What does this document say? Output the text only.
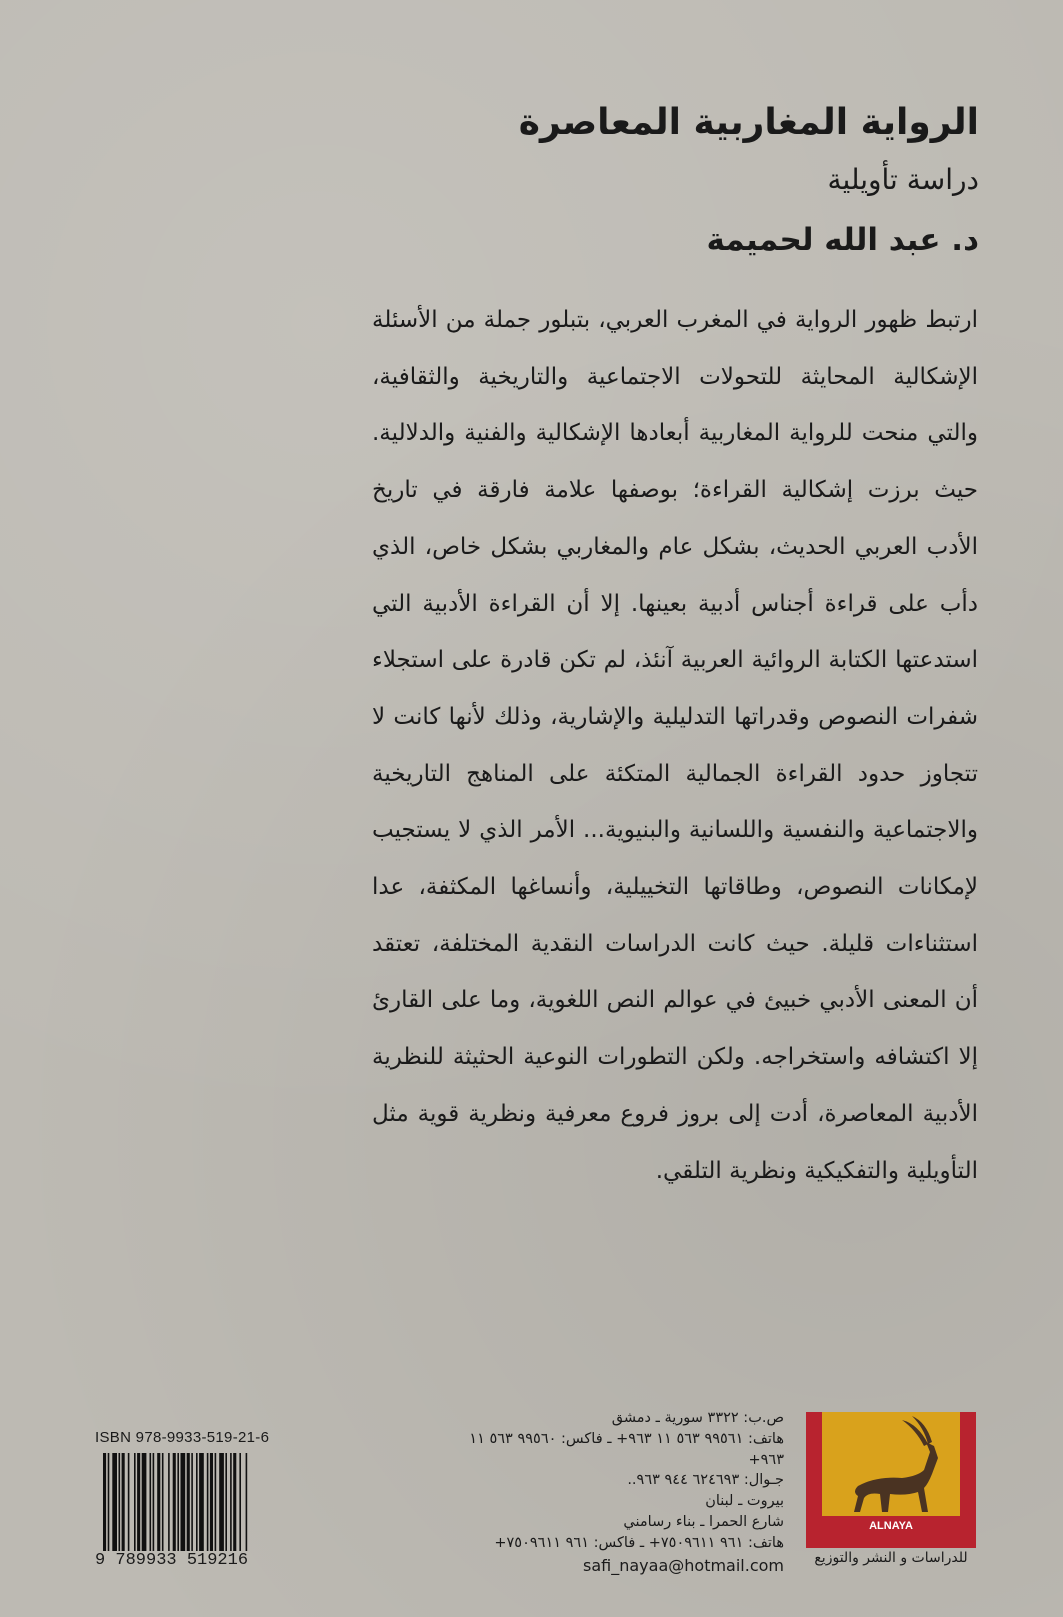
الرواية المغاربية المعاصرة
دراسة تأويلية
د. عبد الله لحميمة

ارتبط ظهور الرواية في المغرب العربي، بتبلور جملة من الأسئلة الإشكالية المحايثة للتحولات الاجتماعية والتاريخية والثقافية، والتي منحت للرواية المغاربية أبعادها الإشكالية والفنية والدلالية. حيث برزت إشكالية القراءة؛ بوصفها علامة فارقة في تاريخ الأدب العربي الحديث، بشكل عام والمغاربي بشكل خاص، الذي دأب على قراءة أجناس أدبية بعينها. إلا أن القراءة الأدبية التي استدعتها الكتابة الروائية العربية آنئذ، لم تكن قادرة على استجلاء شفرات النصوص وقدراتها التدليلية والإشارية، وذلك لأنها كانت لا تتجاوز حدود القراءة الجمالية المتكئة على المناهج التاريخية والاجتماعية والنفسية واللسانية والبنيوية... الأمر الذي لا يستجيب لإمكانات النصوص، وطاقاتها التخييلية، وأنساغها المكثفة، عدا استثناءات قليلة. حيث كانت الدراسات النقدية المختلفة، تعتقد أن المعنى الأدبي خبيئ في عوالم النص اللغوية، وما على القارئ إلا اكتشافه واستخراجه. ولكن التطورات النوعية الحثيثة للنظرية الأدبية المعاصرة، أدت إلى بروز فروع معرفية ونظرية قوية مثل التأويلية والتفكيكية ونظرية التلقي.

ص.ب: ٣٣٢٢ سورية ـ دمشق
هاتف: ٩٩٥٦١ ٥٦٣ ١١ ٩٦٣+ ـ فاكس: ٩٩٥٦٠ ٥٦٣ ١١ ٩٦٣+
جـوال: ٦٢٤٦٩٣ ٩٤٤ ٩٦٣..
بيروت ـ لبنان
شارع الحمرا ـ بناء رسامني
هاتف: ٩٦١ ٧٥٠٩٦١١+ ـ فاكس: ٩٦١ ٧٥٠٩٦١١+
safi_nayaa@hotmail.com
ALNAYA
للدراسات و النشر والتوزيع
ISBN 978-9933-519-21-6
9 789933 519216
